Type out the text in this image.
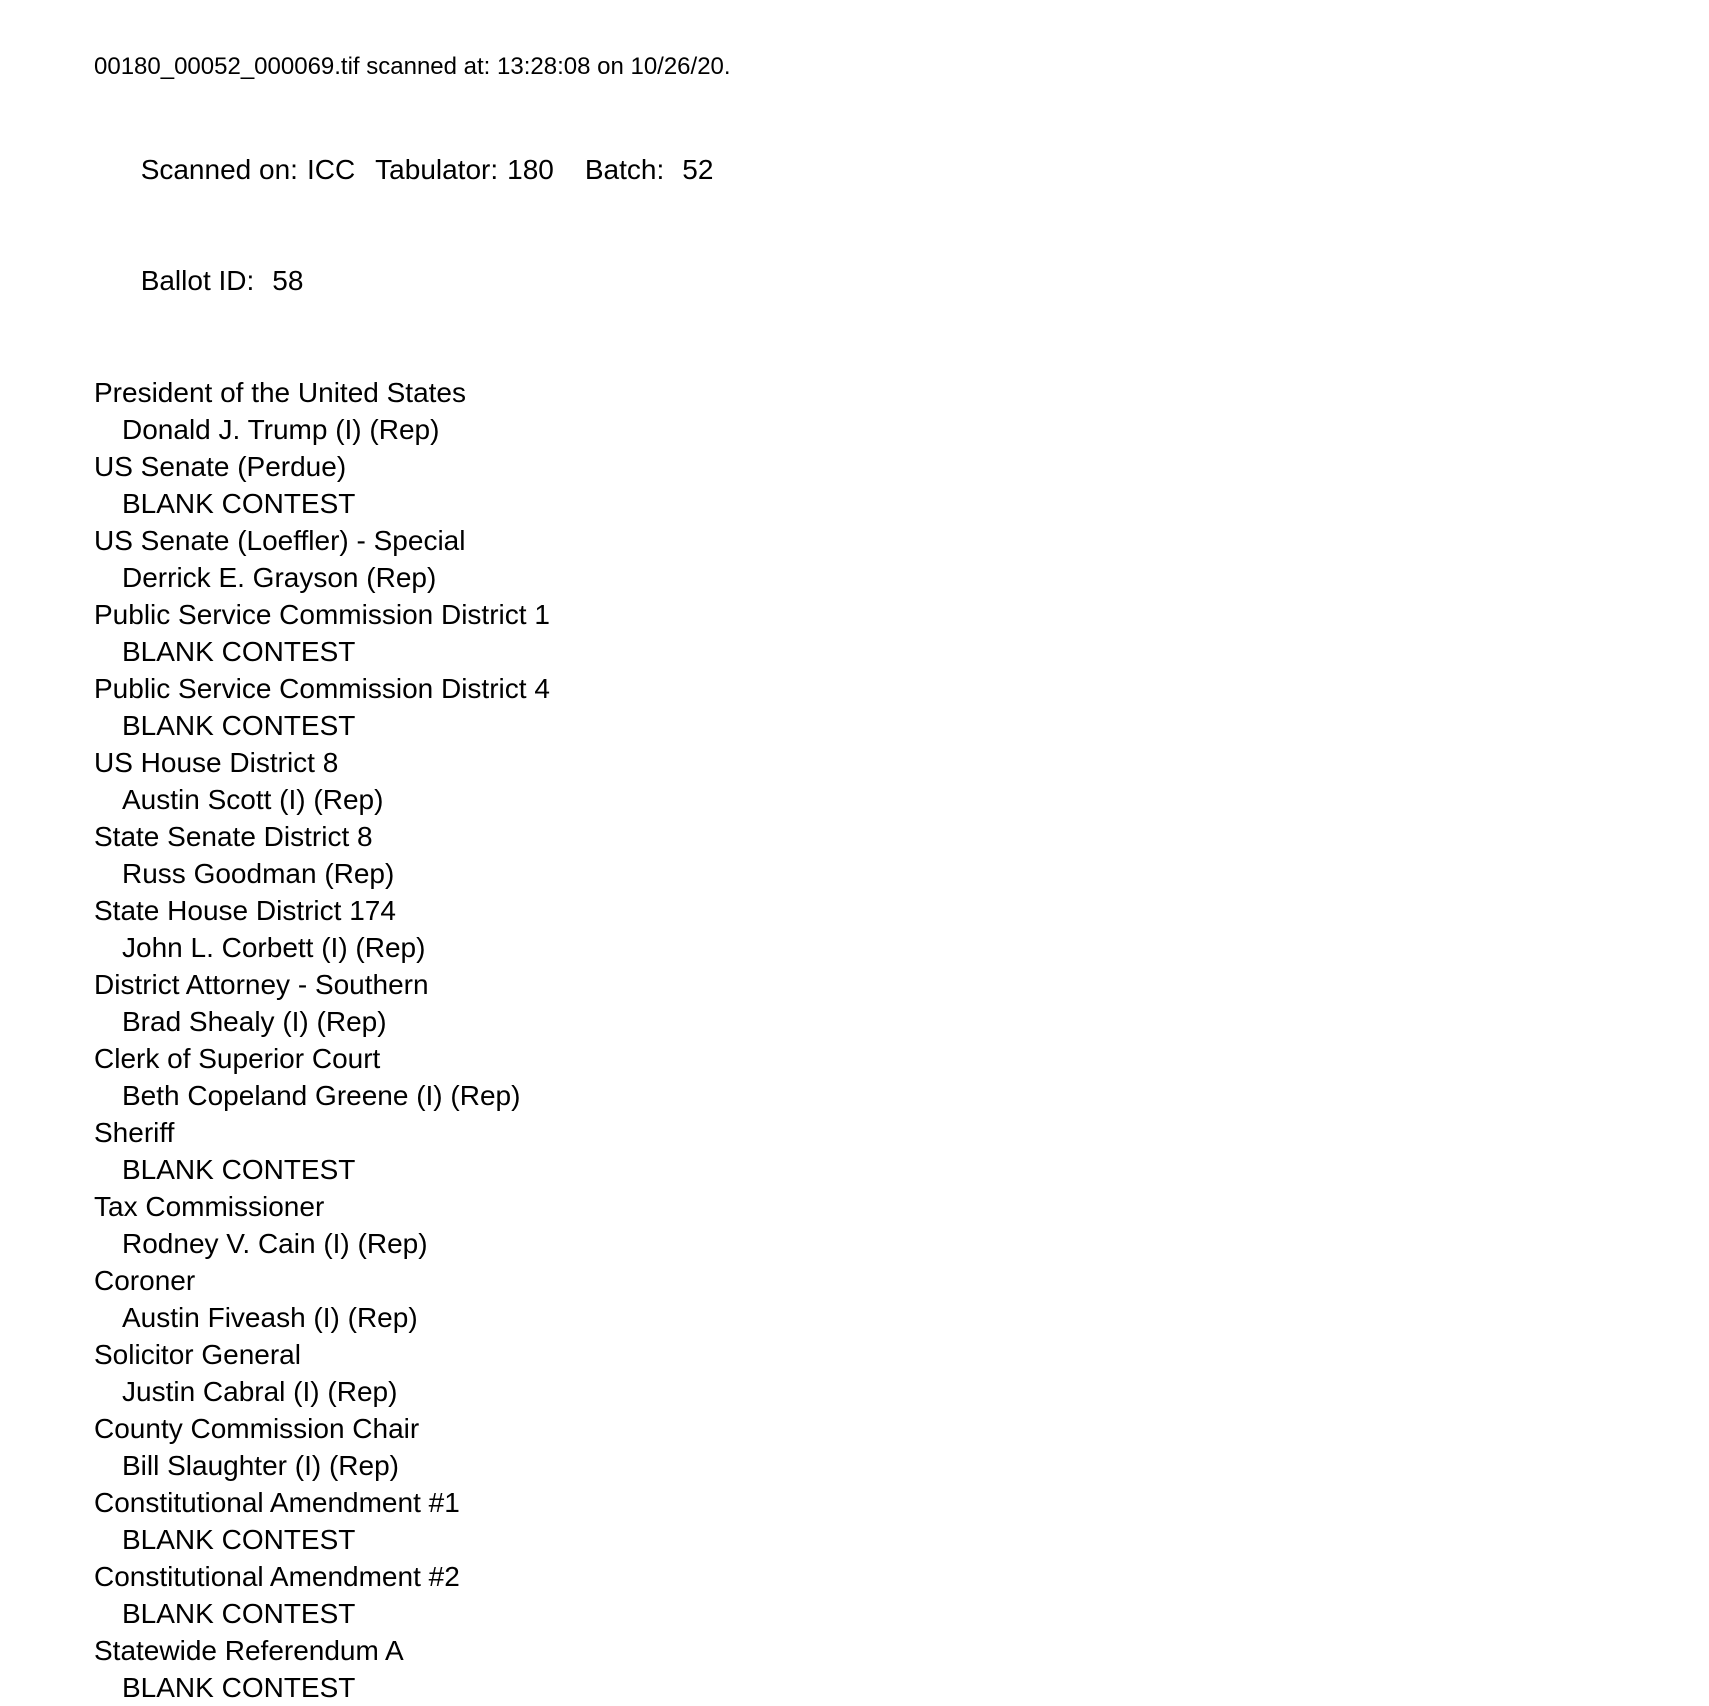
00180_00052_000069.tif scanned at: 13:28:08 on 10/26/20.

Scanned on: ICC Tabulator: 180 Batch: 52

Ballot ID: 58

President of the United States
Donald J. Trump (I) (Rep)
US Senate (Perdue)
BLANK CONTEST
US Senate (Loeffler) - Special
Derrick E. Grayson (Rep)
Public Service Commission District 1
BLANK CONTEST
Public Service Commission District 4
BLANK CONTEST
US House District 8
Austin Scott (I) (Rep)
State Senate District 8
Russ Goodman (Rep)
State House District 174
John L. Corbett (I) (Rep)
District Attorney - Southern
Brad Shealy (I) (Rep)
Clerk of Superior Court
Beth Copeland Greene (I) (Rep)
Sheriff
BLANK CONTEST
Tax Commissioner
Rodney V. Cain (I) (Rep)
Coroner
Austin Fiveash (I) (Rep)
Solicitor General
Justin Cabral (I) (Rep)
County Commission Chair
Bill Slaughter (I) (Rep)
Constitutional Amendment #1
BLANK CONTEST
Constitutional Amendment #2
BLANK CONTEST
Statewide Referendum A
BLANK CONTEST
